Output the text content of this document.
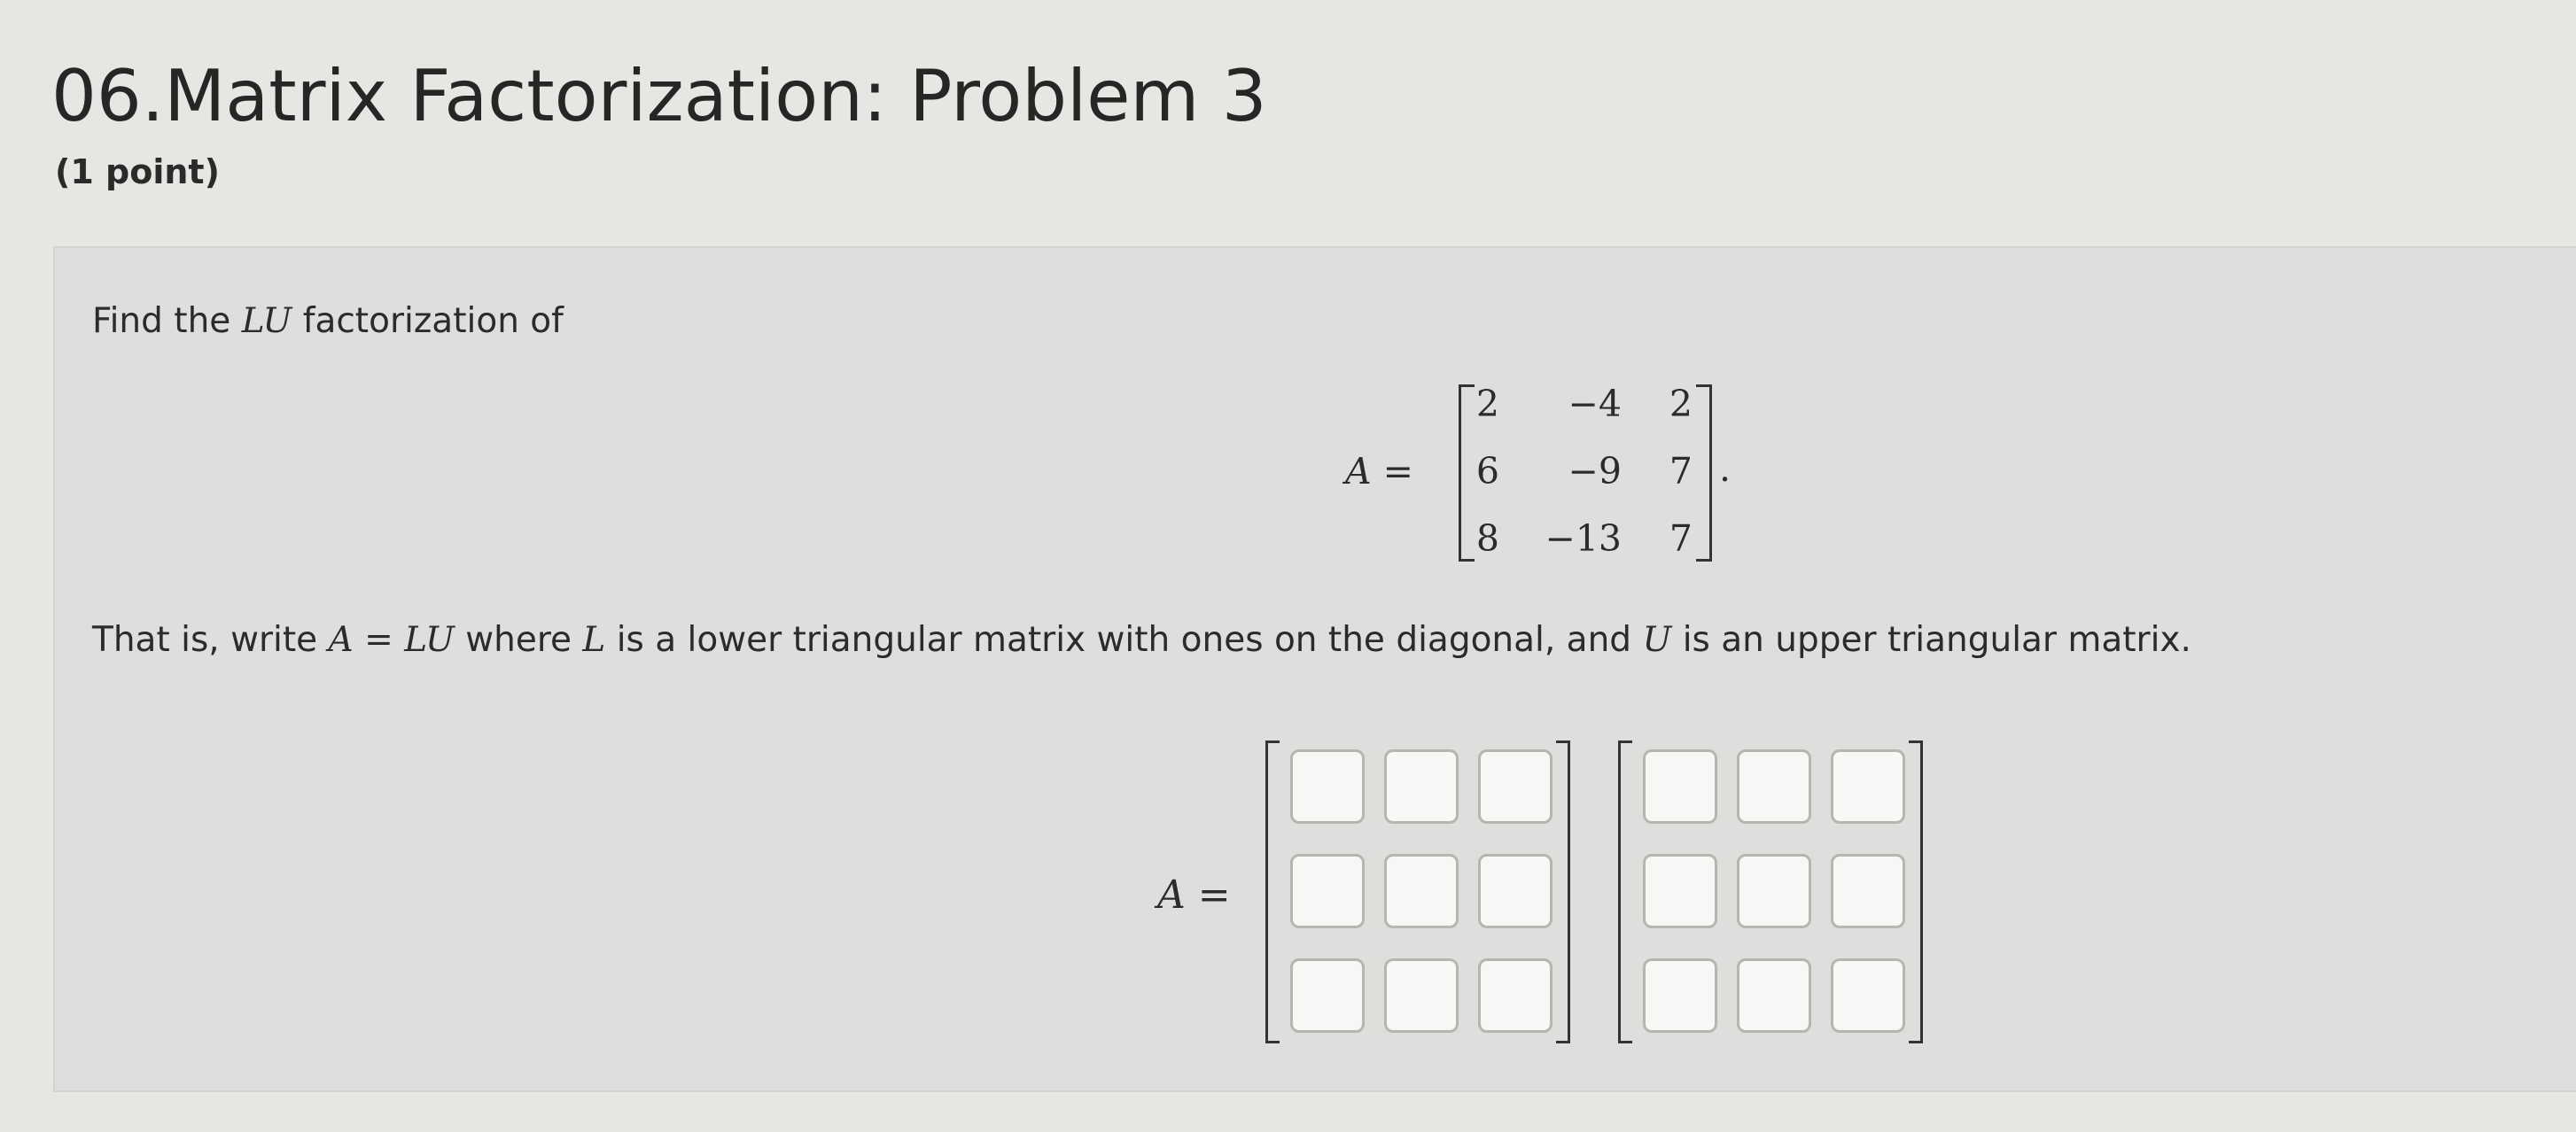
06.Matrix Factorization: Problem 3
(1 point)
Find the LU factorization of
A =
2	−4	2
6	−9	7
8	−13	7
.
That is, write A = LU where L is a lower triangular matrix with ones on the diagonal, and U is an upper triangular matrix.
A =
